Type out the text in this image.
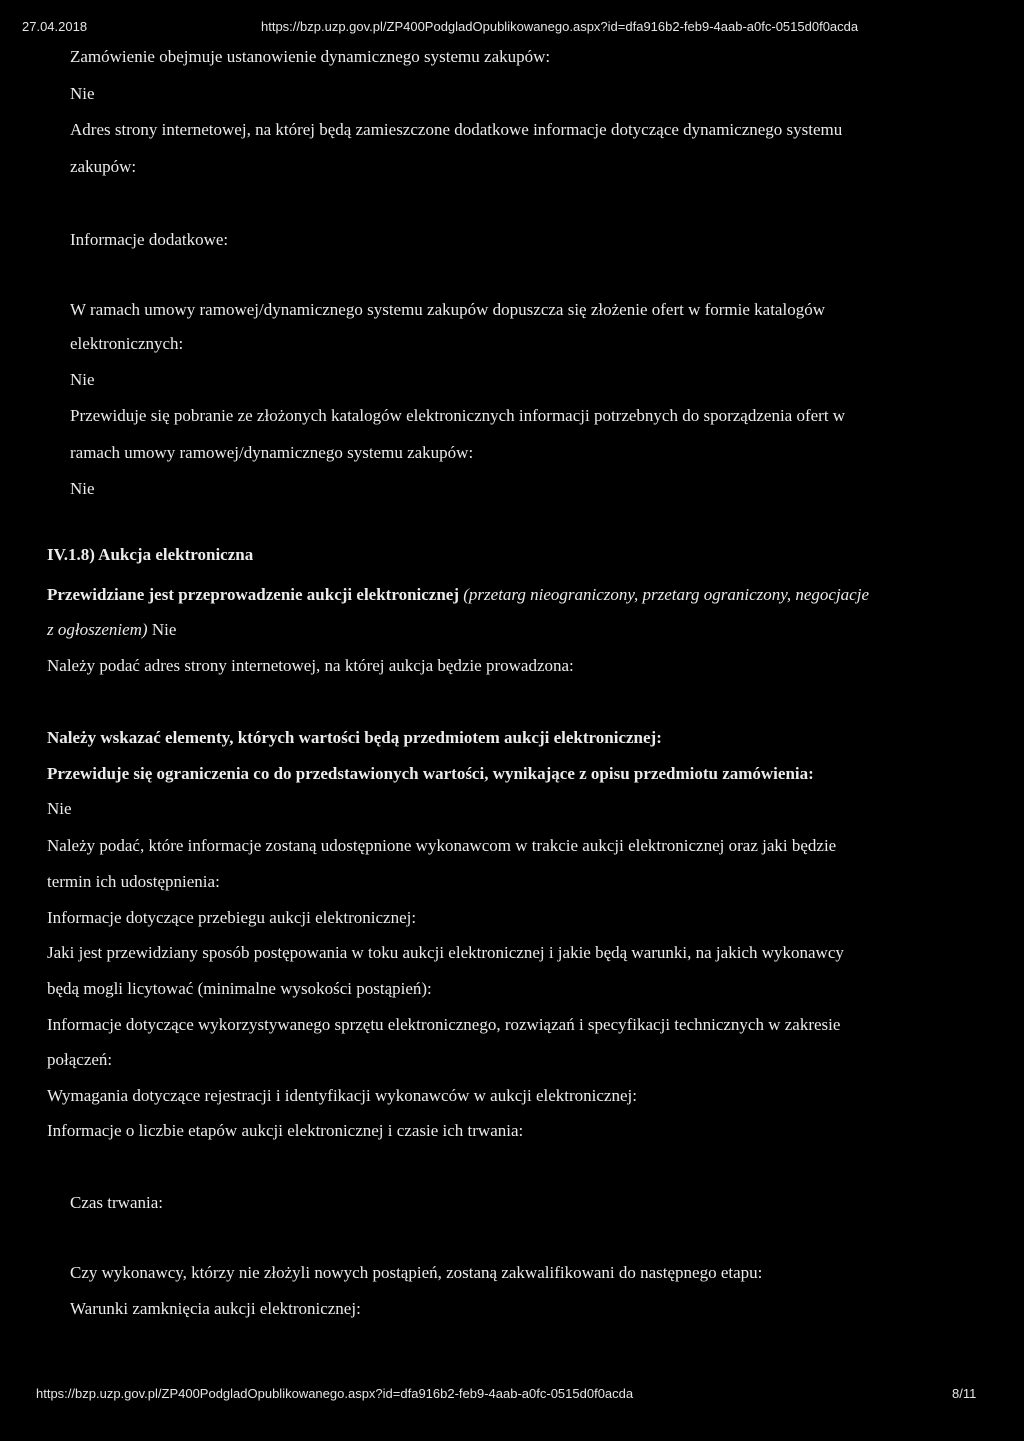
27.04.2018	https://bzp.uzp.gov.pl/ZP400PodgladOpublikowanego.aspx?id=dfa916b2-feb9-4aab-a0fc-0515d0f0acda
Zamówienie obejmuje ustanowienie dynamicznego systemu zakupów:
Nie
Adres strony internetowej, na której będą zamieszczone dodatkowe informacje dotyczące dynamicznego systemu
zakupów:
Informacje dodatkowe:
W ramach umowy ramowej/dynamicznego systemu zakupów dopuszcza się złożenie ofert w formie katalogów
elektronicznych:
Nie
Przewiduje się pobranie ze złożonych katalogów elektronicznych informacji potrzebnych do sporządzenia ofert w
ramach umowy ramowej/dynamicznego systemu zakupów:
Nie
IV.1.8) Aukcja elektroniczna
Przewidziane jest przeprowadzenie aukcji elektronicznej (przetarg nieograniczony, przetarg ograniczony, negocjacje
z ogłoszeniem) Nie
Należy podać adres strony internetowej, na której aukcja będzie prowadzona:
Należy wskazać elementy, których wartości będą przedmiotem aukcji elektronicznej:
Przewiduje się ograniczenia co do przedstawionych wartości, wynikające z opisu przedmiotu zamówienia:
Nie
Należy podać, które informacje zostaną udostępnione wykonawcom w trakcie aukcji elektronicznej oraz jaki będzie
termin ich udostępnienia:
Informacje dotyczące przebiegu aukcji elektronicznej:
Jaki jest przewidziany sposób postępowania w toku aukcji elektronicznej i jakie będą warunki, na jakich wykonawcy
będą mogli licytować (minimalne wysokości postąpień):
Informacje dotyczące wykorzystywanego sprzętu elektronicznego, rozwiązań i specyfikacji technicznych w zakresie
połączeń:
Wymagania dotyczące rejestracji i identyfikacji wykonawców w aukcji elektronicznej:
Informacje o liczbie etapów aukcji elektronicznej i czasie ich trwania:
Czas trwania:
Czy wykonawcy, którzy nie złożyli nowych postąpień, zostaną zakwalifikowani do następnego etapu:
Warunki zamknięcia aukcji elektronicznej:
https://bzp.uzp.gov.pl/ZP400PodgladOpublikowanego.aspx?id=dfa916b2-feb9-4aab-a0fc-0515d0f0acda	8/11
